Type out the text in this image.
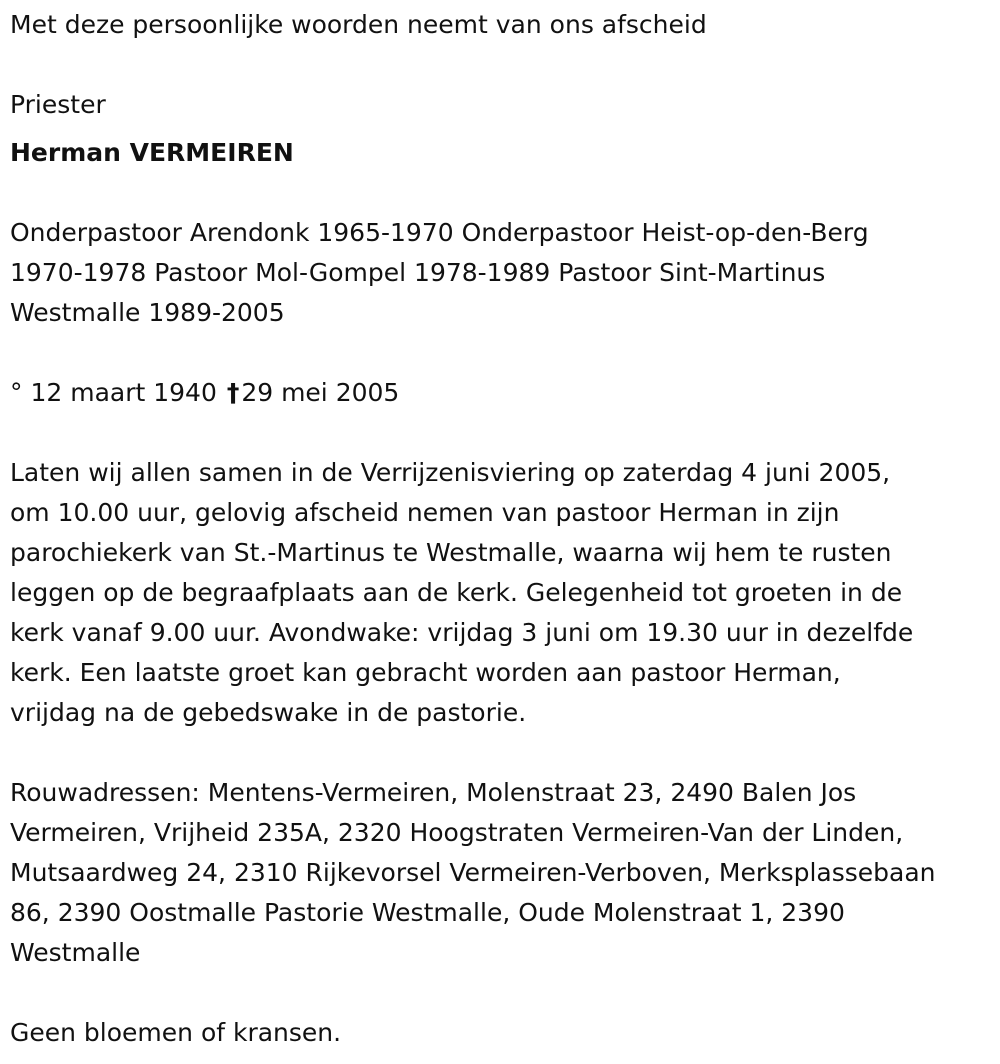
Met deze persoonlijke woorden neemt van ons afscheid

Priester

Herman VERMEIREN

Onderpastoor Arendonk 1965-1970 Onderpastoor Heist-op-den-Berg

1970-1978 Pastoor Mol-Gompel 1978-1989 Pastoor Sint-Martinus

Westmalle 1989-2005

° 12 maart 1940 †29 mei 2005

Laten wij allen samen in de Verrijzenisviering op zaterdag 4 juni 2005,

om 10.00 uur, gelovig afscheid nemen van pastoor Herman in zijn

parochiekerk van St.-Martinus te Westmalle, waarna wij hem te rusten

leggen op de begraafplaats aan de kerk. Gelegenheid tot groeten in de

kerk vanaf 9.00 uur. Avondwake: vrijdag 3 juni om 19.30 uur in dezelfde

kerk. Een laatste groet kan gebracht worden aan pastoor Herman,

vrijdag na de gebedswake in de pastorie.

Rouwadressen: Mentens-Vermeiren, Molenstraat 23, 2490 Balen Jos

Vermeiren, Vrijheid 235A, 2320 Hoogstraten Vermeiren-Van der Linden,

Mutsaardweg 24, 2310 Rijkevorsel Vermeiren-Verboven, Merksplassebaan

86, 2390 Oostmalle Pastorie Westmalle, Oude Molenstraat 1, 2390

Westmalle

Geen bloemen of kransen.
